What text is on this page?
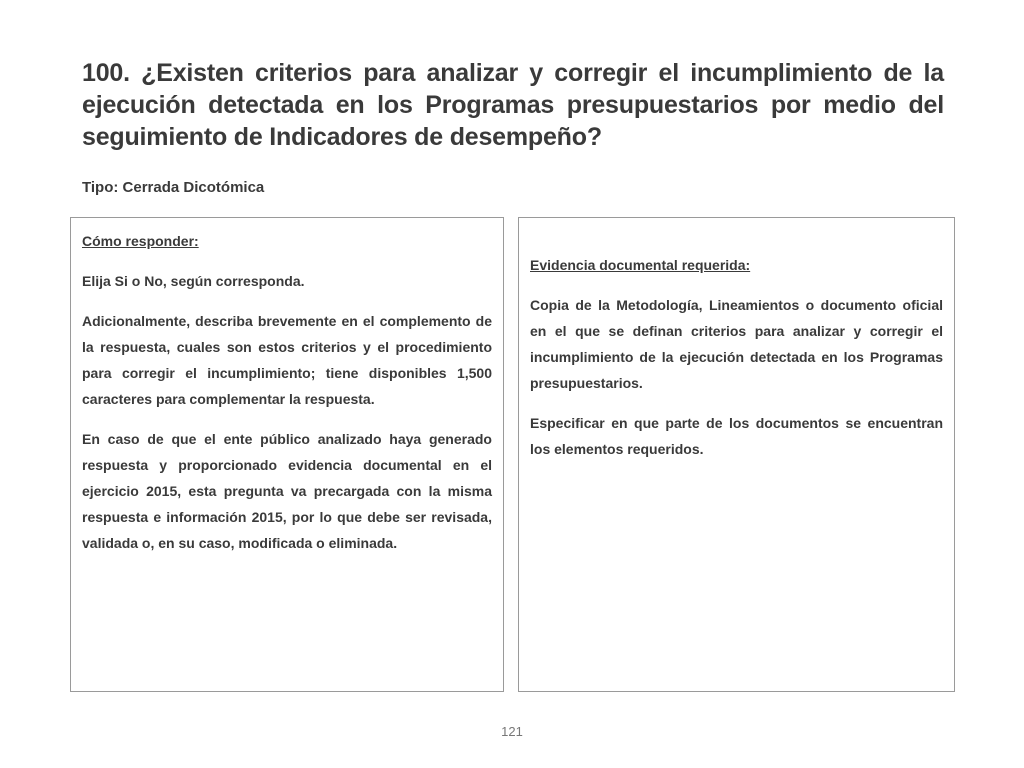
100. ¿Existen criterios para analizar y corregir el incumplimiento de la ejecución detectada en los Programas presupuestarios por medio del seguimiento de Indicadores de desempeño?

Tipo: Cerrada Dicotómica

Cómo responder:

Elija Si o No, según corresponda.

Adicionalmente, describa brevemente en el complemento de la respuesta, cuales son estos criterios y el procedimiento para corregir el incumplimiento; tiene disponibles 1,500 caracteres para complementar la respuesta.

En caso de que el ente público analizado haya generado respuesta y proporcionado evidencia documental en el ejercicio 2015, esta pregunta va precargada con la misma respuesta e información 2015, por lo que debe ser revisada, validada o, en su caso, modificada o eliminada.

Evidencia documental requerida:

Copia de la Metodología, Lineamientos o documento oficial en el que se definan criterios para analizar y corregir el incumplimiento de la ejecución detectada en los Programas presupuestarios.

Especificar en que parte de los documentos se encuentran los elementos requeridos.

121
